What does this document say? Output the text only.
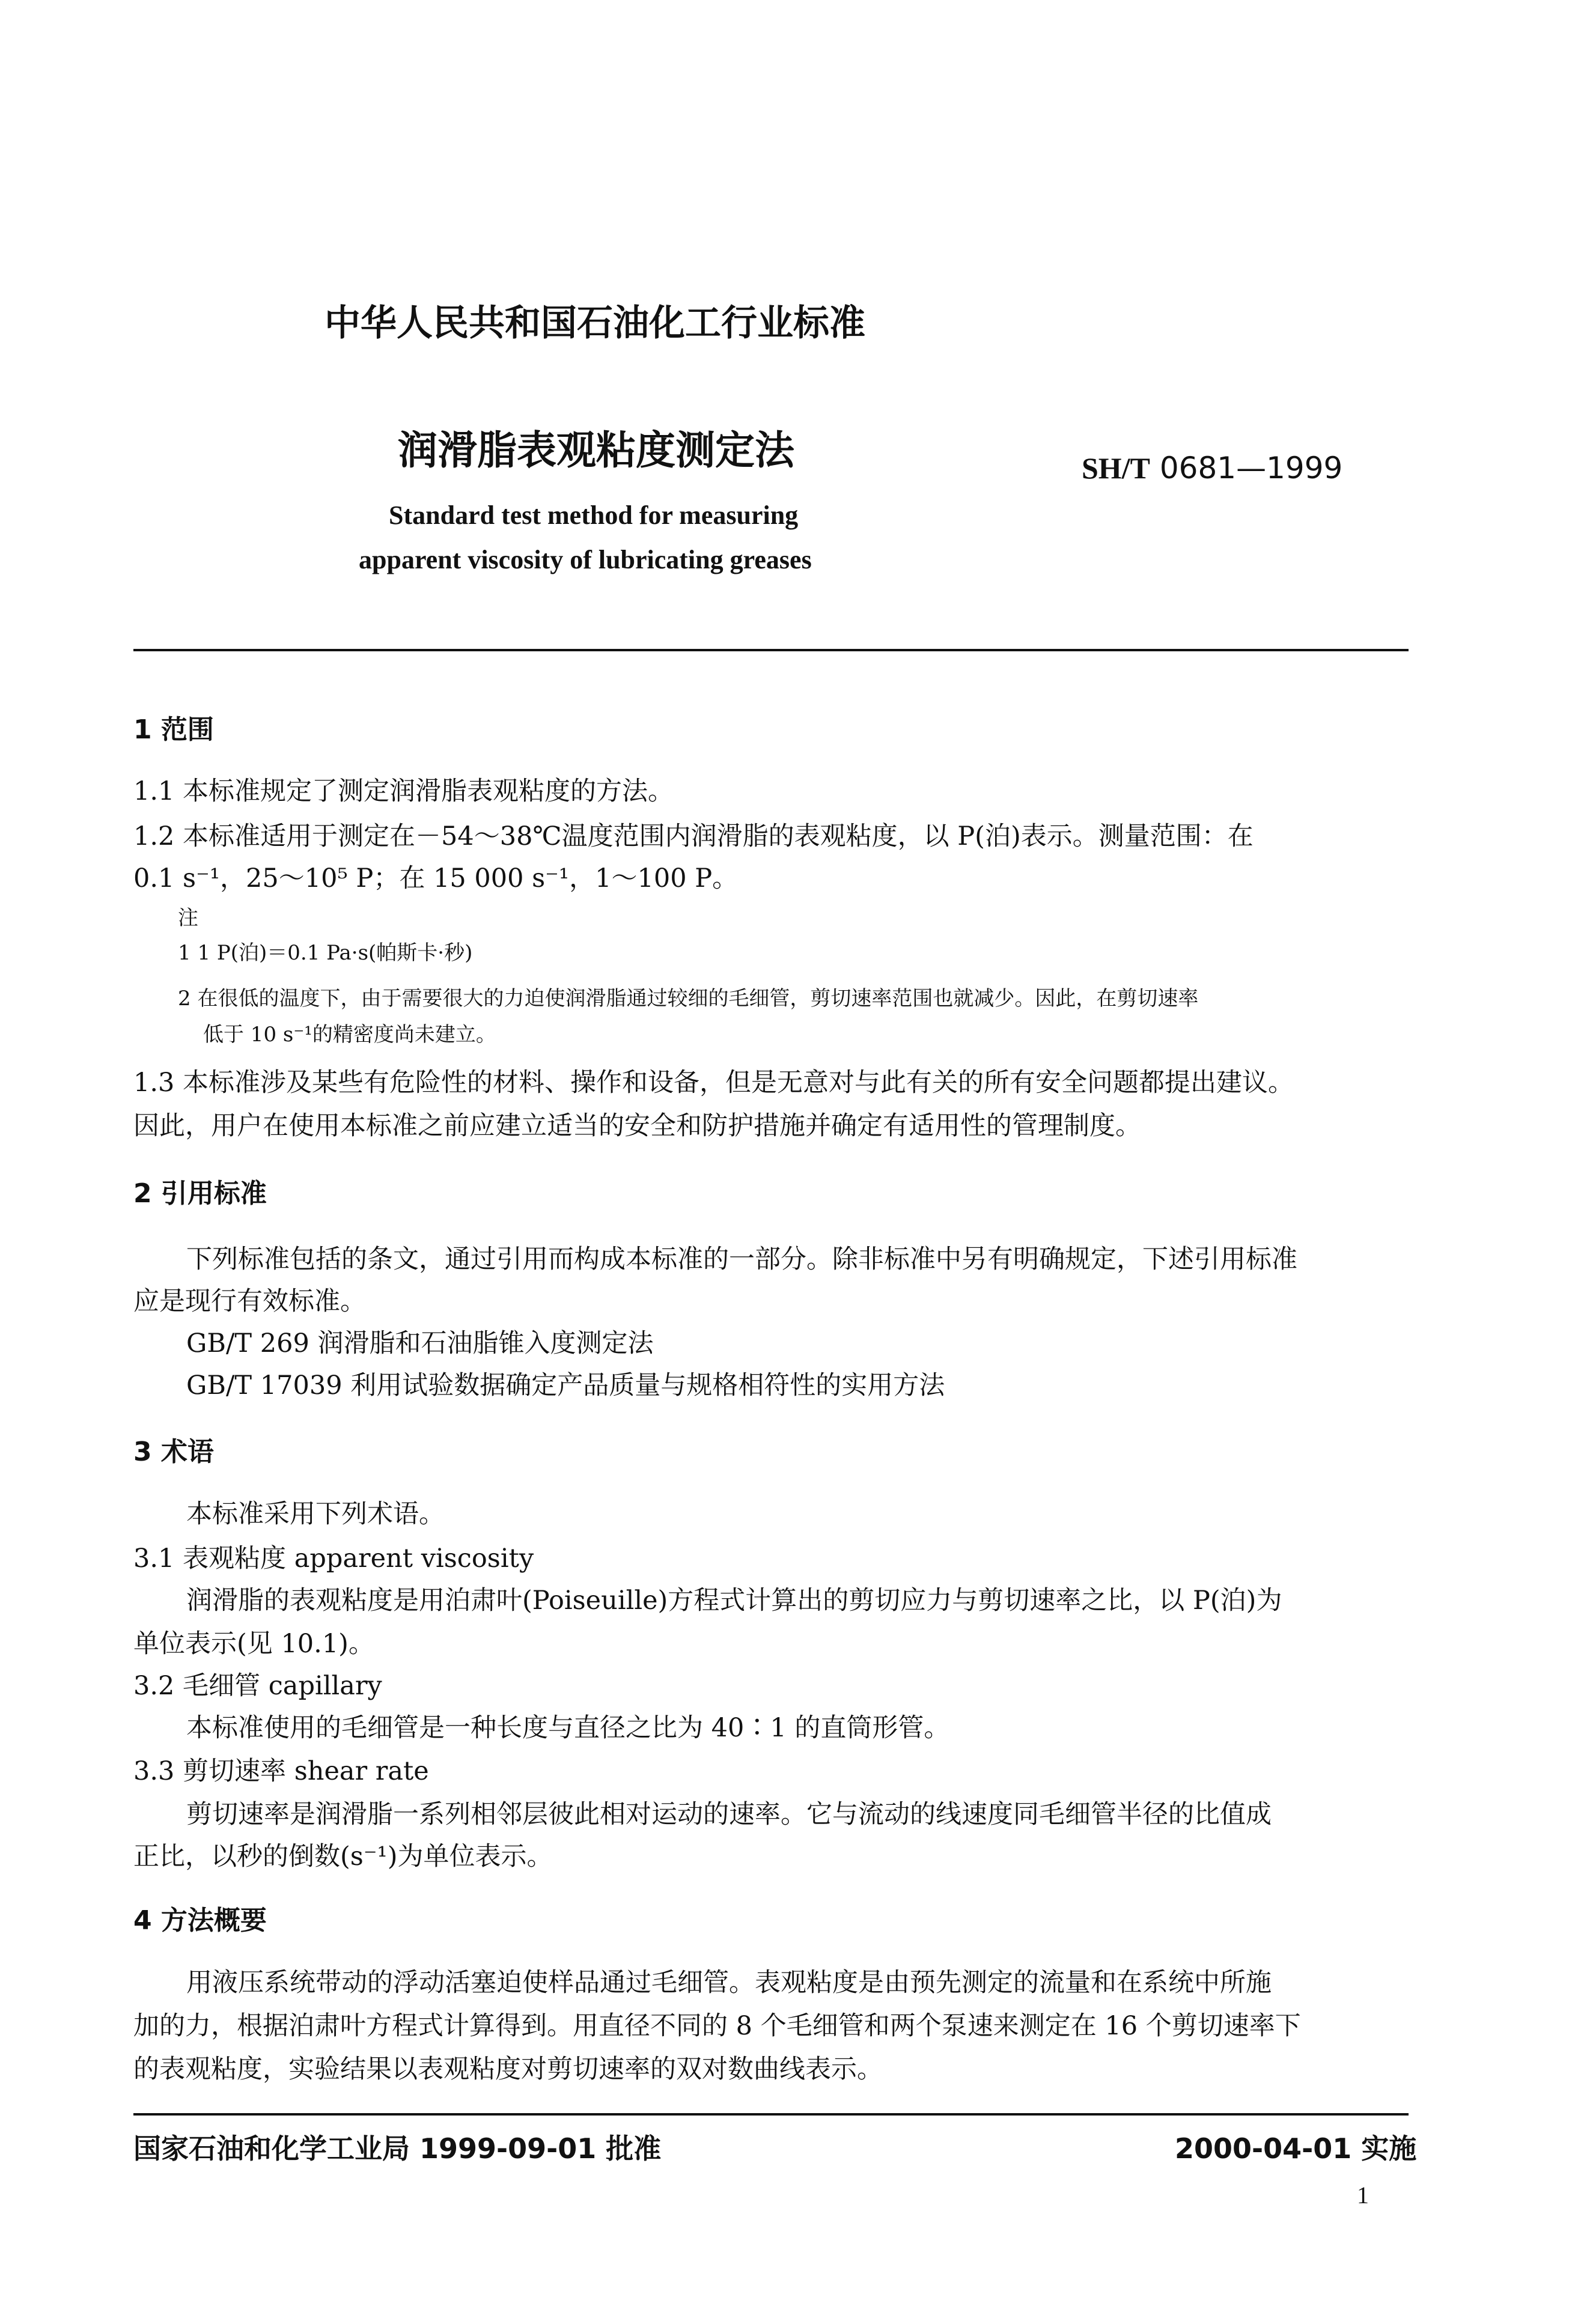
中华人民共和国石油化工行业标准
润滑脂表观粘度测定法	SH/T 0681—1999
Standard test method for measuring
apparent viscosity of lubricating greases
1 范围
1.1 本标准规定了测定润滑脂表观粘度的方法。
1.2 本标准适用于测定在－54～38℃温度范围内润滑脂的表观粘度，以 P(泊)表示。测量范围：在
0.1 s⁻¹，25～10⁵ P；在 15 000 s⁻¹，1～100 P。
注
1 1 P(泊)＝0.1 Pa·s(帕斯卡·秒)
2 在很低的温度下，由于需要很大的力迫使润滑脂通过较细的毛细管，剪切速率范围也就减少。因此，在剪切速率
低于 10 s⁻¹的精密度尚未建立。
1.3 本标准涉及某些有危险性的材料、操作和设备，但是无意对与此有关的所有安全问题都提出建议。
因此，用户在使用本标准之前应建立适当的安全和防护措施并确定有适用性的管理制度。
2 引用标准
下列标准包括的条文，通过引用而构成本标准的一部分。除非标准中另有明确规定，下述引用标准
应是现行有效标准。
GB/T 269 润滑脂和石油脂锥入度测定法
GB/T 17039 利用试验数据确定产品质量与规格相符性的实用方法
3 术语
本标准采用下列术语。
3.1 表观粘度 apparent viscosity
润滑脂的表观粘度是用泊肃叶(Poiseuille)方程式计算出的剪切应力与剪切速率之比，以 P(泊)为
单位表示(见 10.1)。
3.2 毛细管 capillary
本标准使用的毛细管是一种长度与直径之比为 40∶1 的直筒形管。
3.3 剪切速率 shear rate
剪切速率是润滑脂一系列相邻层彼此相对运动的速率。它与流动的线速度同毛细管半径的比值成
正比，以秒的倒数(s⁻¹)为单位表示。
4 方法概要
用液压系统带动的浮动活塞迫使样品通过毛细管。表观粘度是由预先测定的流量和在系统中所施
加的力，根据泊肃叶方程式计算得到。用直径不同的 8 个毛细管和两个泵速来测定在 16 个剪切速率下
的表观粘度，实验结果以表观粘度对剪切速率的双对数曲线表示。
国家石油和化学工业局 1999-09-01 批准	2000-04-01 实施
1
